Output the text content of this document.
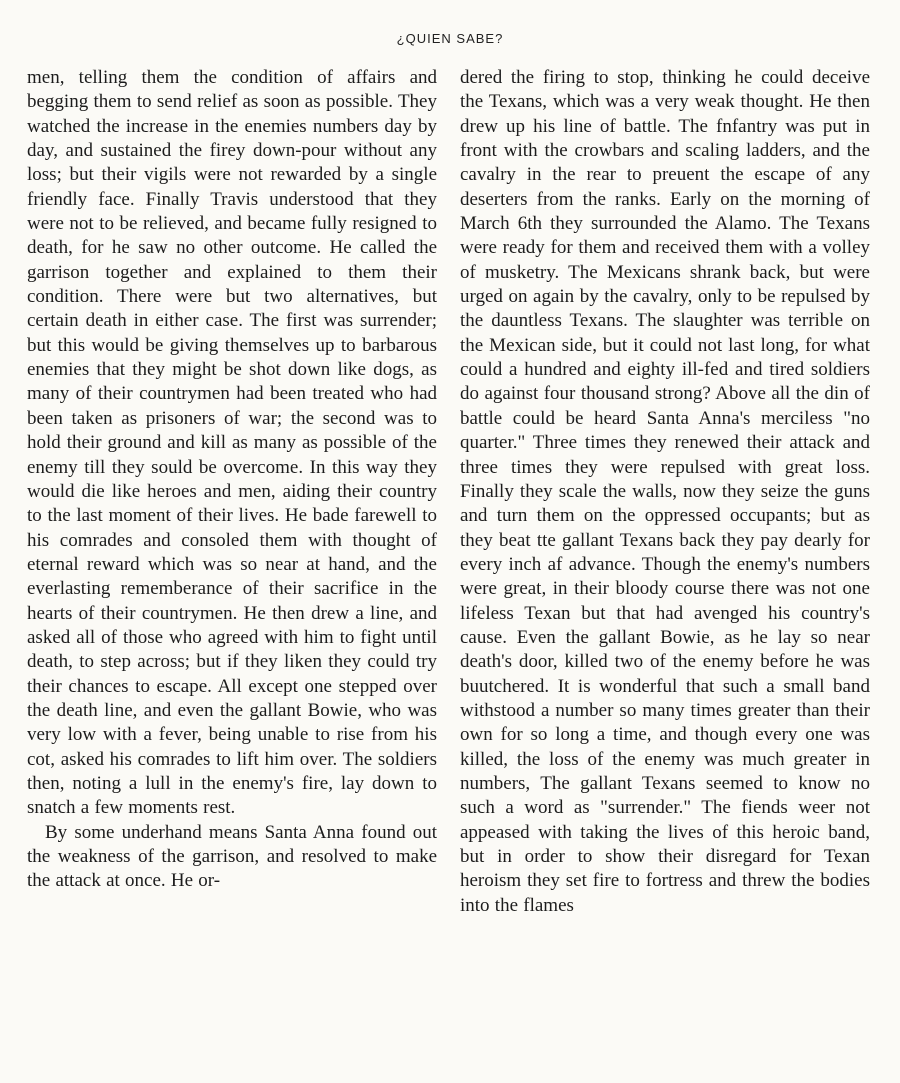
¿QUIEN SABE?

men, telling them the condition of affairs and begging them to send relief as soon as possible. They watched the increase in the enemies numbers day by day, and sustained the firey down-pour without any loss; but their vigils were not rewarded by a single friendly face. Finally Travis understood that they were not to be relieved, and became fully resigned to death, for he saw no other outcome. He called the garrison together and explained to them their condition. There were but two alternatives, but certain death in either case. The first was surrender; but this would be giving themselves up to barbarous enemies that they might be shot down like dogs, as many of their countrymen had been treated who had been taken as prisoners of war; the second was to hold their ground and kill as many as possible of the enemy till they sould be overcome. In this way they would die like heroes and men, aiding their country to the last moment of their lives. He bade farewell to his comrades and consoled them with thought of eternal reward which was so near at hand, and the everlasting rememberance of their sacrifice in the hearts of their countrymen. He then drew a line, and asked all of those who agreed with him to fight until death, to step across; but if they liken they could try their chances to escape. All except one stepped over the death line, and even the gallant Bowie, who was very low with a fever, being unable to rise from his cot, asked his comrades to lift him over. The soldiers then, noting a lull in the enemy's fire, lay down to snatch a few moments rest.

By some underhand means Santa Anna found out the weakness of the garrison, and resolved to make the attack at once. He or-

dered the firing to stop, thinking he could deceive the Texans, which was a very weak thought. He then drew up his line of battle. The fnfantry was put in front with the crowbars and scaling ladders, and the cavalry in the rear to preuent the escape of any deserters from the ranks. Early on the morning of March 6th they surrounded the Alamo. The Texans were ready for them and received them with a volley of musketry. The Mexicans shrank back, but were urged on again by the cavalry, only to be repulsed by the dauntless Texans. The slaughter was terrible on the Mexican side, but it could not last long, for what could a hundred and eighty ill-fed and tired soldiers do against four thousand strong? Above all the din of battle could be heard Santa Anna's merciless "no quarter." Three times they renewed their attack and three times they were repulsed with great loss. Finally they scale the walls, now they seize the guns and turn them on the oppressed occupants; but as they beat tte gallant Texans back they pay dearly for every inch af advance. Though the enemy's numbers were great, in their bloody course there was not one lifeless Texan but that had avenged his country's cause. Even the gallant Bowie, as he lay so near death's door, killed two of the enemy before he was buutchered. It is wonderful that such a small band withstood a number so many times greater than their own for so long a time, and though every one was killed, the loss of the enemy was much greater in numbers, The gallant Texans seemed to know no such a word as "surrender." The fiends weer not appeased with taking the lives of this heroic band, but in order to show their disregard for Texan heroism they set fire to fortress and threw the bodies into the flames
